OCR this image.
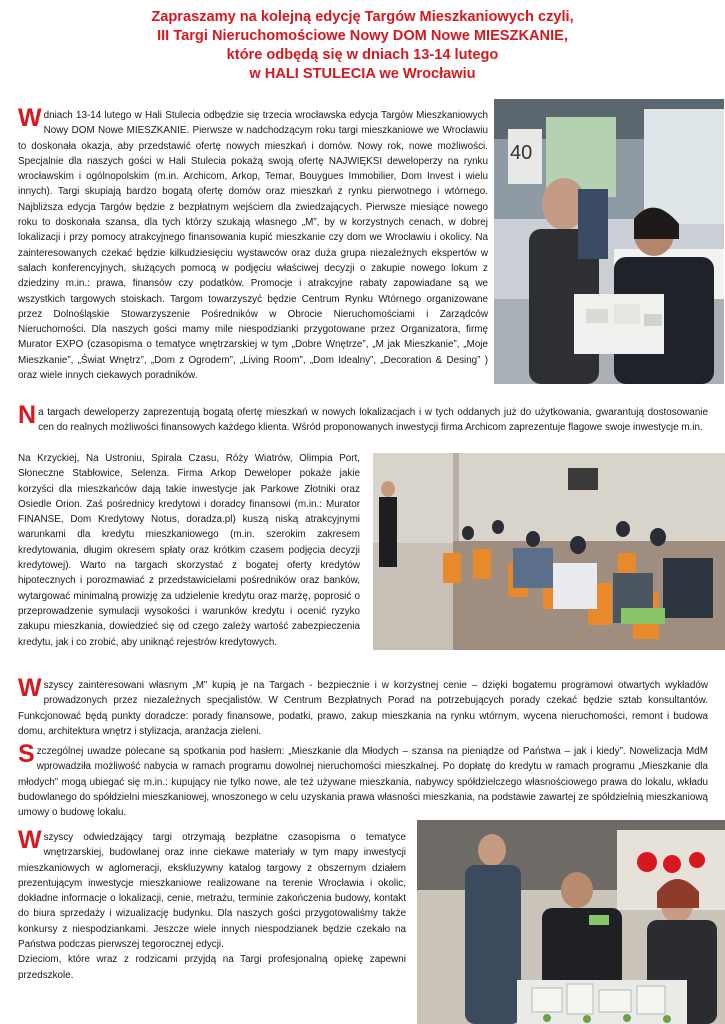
Zapraszamy na kolejną edycję Targów Mieszkaniowych czyli,
III Targi Nieruchomościowe Nowy DOM Nowe MIESZKANIE,
które odbędą się w dniach 13-14 lutego
w HALI STULECIA we Wrocławiu

W dniach 13-14 lutego w Hali Stulecia odbędzie się trzecia wrocławska edycja Targów Mieszkaniowych Nowy DOM Nowe MIESZKANIE. Pierwsze w nadchodzącym roku targi mieszkaniowe we Wrocławiu to doskonała okazja, aby przedstawić ofertę nowych mieszkań i domów. Nowy rok, nowe możliwości. Specjalnie dla naszych gości w Hali Stulecia pokażą swoją ofertę NAJWIĘKSI deweloperzy na rynku wrocławskim i ogólnopolskim (m.in. Archicom, Arkop, Temar, Bouygues Immobilier, Dom Invest i wielu innych). Targi skupiają bardzo bogatą ofertę domów oraz mieszkań z rynku pierwotnego i wtórnego. Najbliższa edycja Targów będzie z bezpłatnym wejściem dla zwiedzających. Pierwsze miesiące nowego roku to doskonała szansa, dla tych którzy szukają własnego „M”, by w korzystnych cenach, w dobrej lokalizacji i przy pomocy atrakcyjnego finansowania kupić mieszkanie czy dom we Wrocławiu i okolicy. Na zainteresowanych czekać będzie kilkudziesięciu wystawców oraz duża grupa niezależnych ekspertów w salach konferencyjnych, służących pomocą w podjęciu właściwej decyzji o zakupie nowego lokum z dziedziny m.in.: prawa, finansów czy podatków. Promocje i atrakcyjne rabaty zapowiadane są we wszystkich targowych stoiskach. Targom towarzyszyć będzie Centrum Rynku Wtórnego organizowane przez Dolnośląskie Stowarzyszenie Pośredników w Obrocie Nieruchomościami i Zarządców Nieruchomości. Dla naszych gości mamy mile niespodzianki przygotowane przez Organizatora, firmę Murator EXPO (czasopisma o tematyce wnętrzarskiej w tym „Dobre Wnętrze”, „M jak Mieszkanie”, „Moje Mieszkanie”, „Świat Wnętrz”, „Dom z Ogrodem”, „Living Room”, „Dom Idealny”, „Decoration & Desing” ) oraz wiele innych ciekawych poradników.

40

Na targach deweloperzy zaprezentują bogatą ofertę mieszkań w nowych lokalizacjach i w tych oddanych już do użytkowania, gwarantują dostosowanie cen do realnych możliwości finansowych każdego klienta. Wśród proponowanych inwestycji firma Archicom zaprezentuje flagowe swoje inwestycje m.in.

Na Krzyckiej, Na Ustroniu, Spirala Czasu, Róży Wiatrów, Olimpia Port, Słoneczne Stabłowice, Selenza. Firma Arkop Deweloper pokaże jakie korzyści dla mieszkańców dają takie inwestycje jak Parkowe Złotniki oraz Osiedle Orion. Zaś pośrednicy kredytowi i doradcy finansowi (m.in.: Murator FINANSE, Dom Kredytowy Notus, doradza.pl) kuszą niską atrakcyjnymi warunkami dla kredytu mieszkaniowego (m.in. szerokim zakresem kredytowania, długim okresem spłaty oraz krótkim czasem podjęcia decyzji kredytowej). Warto na targach skorzystać z bogatej oferty kredytów hipotecznych i porozmawiać z przedstawicielami pośredników oraz banków, wytargować minimalną prowizję za udzielenie kredytu oraz marżę, poprosić o przeprowadzenie symulacji wysokości i warunków kredytu i ocenić ryzyko zakupu mieszkania, dowiedzieć się od czego zależy wartość zabezpieczenia kredytu, jak i co zrobić, aby uniknąć rejestrów kredytowych.

Wszyscy zainteresowani własnym „M” kupią je na Targach - bezpiecznie i w korzystnej cenie – dzięki bogatemu programowi otwartych wykładów prowadzonych przez niezależnych specjalistów. W Centrum Bezpłatnych Porad na potrzebujących porady czekać będzie sztab konsultantów. Funkcjonować będą punkty doradcze: porady finansowe, podatki, prawo, zakup mieszkania na rynku wtórnym, wycena nieruchomości, remont i budowa domu, architektura wnętrz i stylizacja, aranżacja zieleni.

Szczególnej uwadze polecane są spotkania pod hasłem: „Mieszkanie dla Młodych – szansa na pieniądze od Państwa – jak i kiedy”. Nowelizacja MdM wprowadziła możliwość nabycia w ramach programu dowolnej nieruchomości mieszkalnej. Po dopłatę do kredytu w ramach programu „Mieszkanie dla młodych” mogą ubiegać się m.in.: kupujący nie tylko nowe, ale też używane mieszkania, nabywcy spółdzielczego własnościowego prawa do lokalu, wkładu budowlanego do spółdzielni mieszkaniowej, wnoszonego w celu uzyskania prawa własności mieszkania, na podstawie zawartej ze spółdzielnią mieszkaniową umowy o budowę lokalu.

Wszyscy odwiedzający targi otrzymają bezpłatne czasopisma o tematyce wnętrzarskiej, budowlanej oraz inne ciekawe materiały w tym mapy inwestycji mieszkaniowych w aglomeracji, ekskluzywny katalog targowy z obszernym działem prezentującym inwestycje mieszkaniowe realizowane na terenie Wrocławia i okolic, dokładne informacje o lokalizacji, cenie, metrażu, terminie zakończenia budowy, kontakt do biura sprzedaży i wizualizację budynku. Dla naszych gości przygotowaliśmy także konkursy z niespodziankami. Jeszcze wiele innych niespodzianek będzie czekało na Państwa podczas pierwszej tegorocznej edycji.
Dzieciom, które wraz z rodzicami przyjdą na Targi profesjonalną opiekę zapewni przedszkole.
